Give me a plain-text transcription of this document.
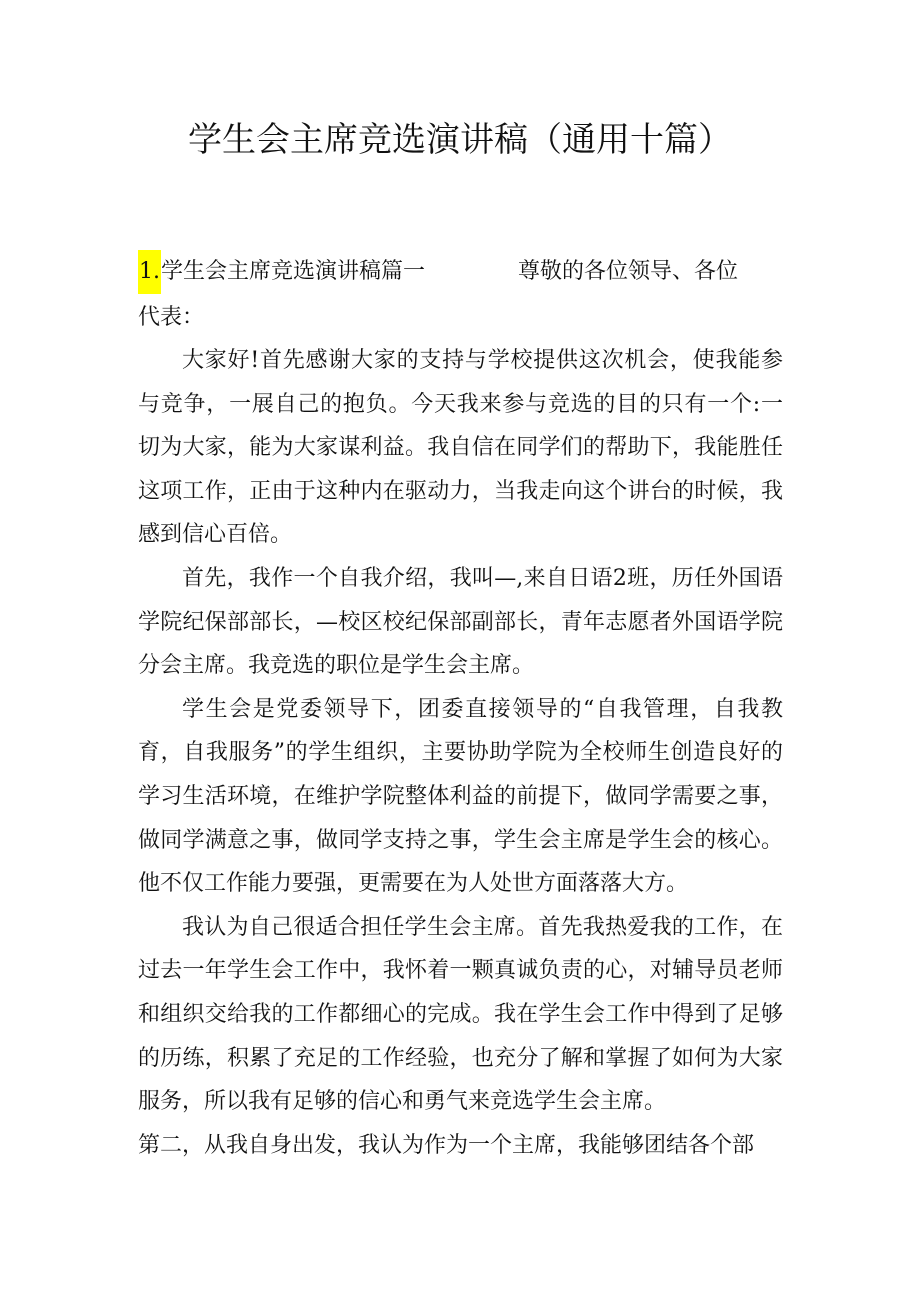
学生会主席竞选演讲稿（通用十篇）
1.学生会主席竞选演讲稿篇一	尊敬的各位领导、各位
代表：

大家好!首先感谢大家的支持与学校提供这次机会，使我能参与竞争，一展自己的抱负。今天我来参与竞选的目的只有一个:一切为大家，能为大家谋利益。我自信在同学们的帮助下，我能胜任这项工作，正由于这种内在驱动力，当我走向这个讲台的时候，我感到信心百倍。

首先，我作一个自我介绍，我叫—,来自日语2班，历任外国语学院纪保部部长，—校区校纪保部副部长，青年志愿者外国语学院分会主席。我竞选的职位是学生会主席。

学生会是党委领导下，团委直接领导的“自我管理，自我教育，自我服务”的学生组织，主要协助学院为全校师生创造良好的学习生活环境，在维护学院整体利益的前提下，做同学需要之事，做同学满意之事，做同学支持之事，学生会主席是学生会的核心。他不仅工作能力要强，更需要在为人处世方面落落大方。

我认为自己很适合担任学生会主席。首先我热爱我的工作，在过去一年学生会工作中，我怀着一颗真诚负责的心，对辅导员老师和组织交给我的工作都细心的完成。我在学生会工作中得到了足够的历练，积累了充足的工作经验，也充分了解和掌握了如何为大家服务，所以我有足够的信心和勇气来竞选学生会主席。

第二，从我自身出发，我认为作为一个主席，我能够团结各个部
